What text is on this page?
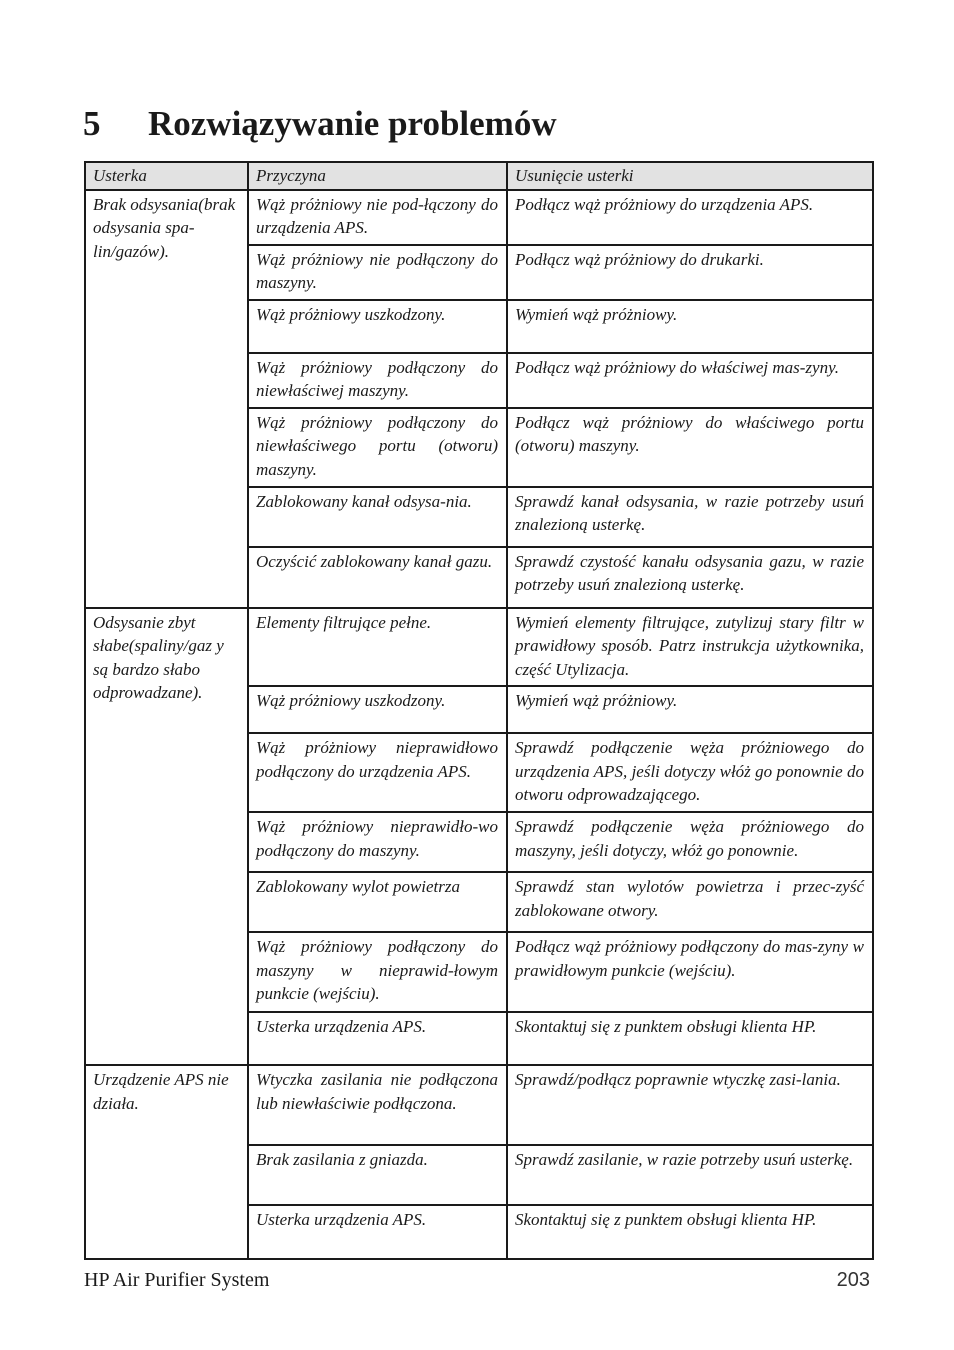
5 Rozwiązywanie problemów
Usterka	Przyczyna	Usunięcie usterki
Brak odsysania(brak odsysania spa-lin/gazów).	Wąż próżniowy nie pod-łączony do urządzenia APS.	Podłącz wąż próżniowy do urządzenia APS.
	Wąż próżniowy nie podłączony do maszyny.	Podłącz wąż próżniowy do drukarki.
	Wąż próżniowy uszkodzony.	Wymień wąż próżniowy.
	Wąż próżniowy podłączony do niewłaściwej maszyny.	Podłącz wąż próżniowy do właściwej mas-zyny.
	Wąż próżniowy podłączony do niewłaściwego portu (otworu) maszyny.	Podłącz wąż próżniowy do właściwego portu (otworu) maszyny.
	Zablokowany kanał odsysa-nia.	Sprawdź kanał odsysania, w razie potrzeby usuń znalezioną usterkę.
	Oczyścić zablokowany kanał gazu.	Sprawdź czystość kanału odsysania gazu, w razie potrzeby usuń znalezioną usterkę.
Odsysanie zbyt słabe(spaliny/gaz y są bardzo słabo odprowadzane).	Elementy filtrujące pełne.	Wymień elementy filtrujące, zutylizuj stary filtr w prawidłowy sposób. Patrz instrukcja użytkownika, część Utylizacja.
	Wąż próżniowy uszkodzony.	Wymień wąż próżniowy.
	Wąż próżniowy nieprawidłowo podłączony do urządzenia APS.	Sprawdź podłączenie węża próżniowego do urządzenia APS, jeśli dotyczy włóż go ponownie do otworu odprowadzającego.
	Wąż próżniowy nieprawidło-wo podłączony do maszyny.	Sprawdź podłączenie węża próżniowego do maszyny, jeśli dotyczy, włóż go ponownie.
	Zablokowany wylot powietrza	Sprawdź stan wylotów powietrza i przec-zyść zablokowane otwory.
	Wąż próżniowy podłączony do maszyny w nieprawid-łowym punkcie (wejściu).	Podłącz wąż próżniowy podłączony do mas-zyny w prawidłowym punkcie (wejściu).
	Usterka urządzenia APS.	Skontaktuj się z punktem obsługi klienta HP.
Urządzenie APS nie działa.	Wtyczka zasilania nie podłączona lub niewłaściwie podłączona.	Sprawdź/podłącz poprawnie wtyczkę zasi-lania.
	Brak zasilania z gniazda.	Sprawdź zasilanie, w razie potrzeby usuń usterkę.
	Usterka urządzenia APS.	Skontaktuj się z punktem obsługi klienta HP.
HP Air Purifier System	203
